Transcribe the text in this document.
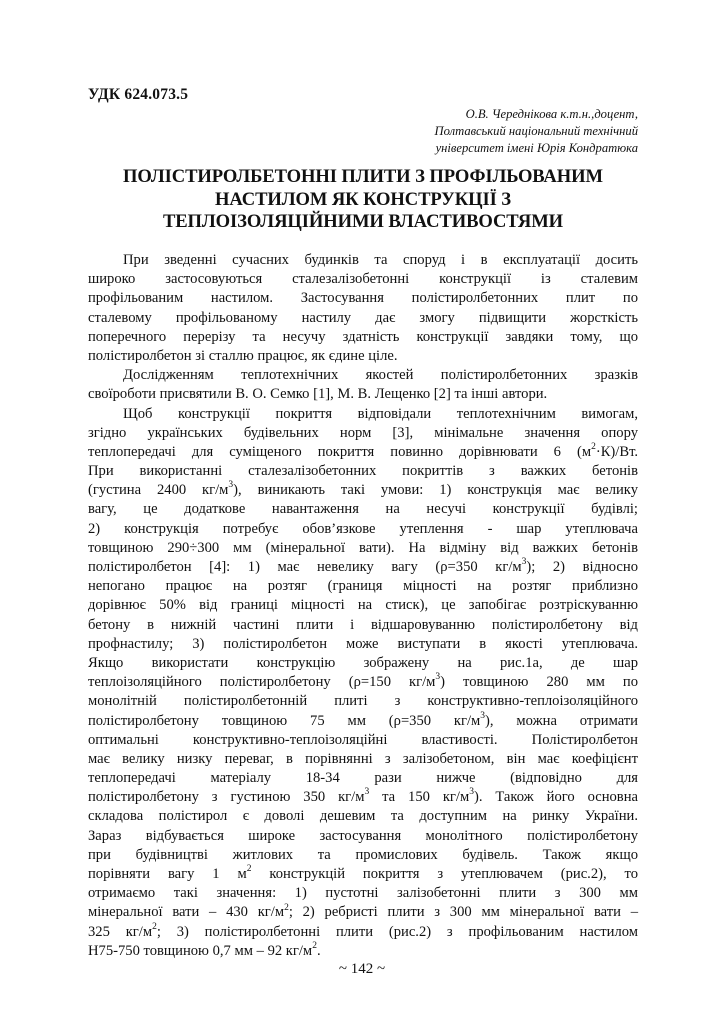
УДК 624.073.5
О.В. Череднікова к.т.н.,доцент,
Полтавський національний технічний
університет імені Юрія Кондратюка
ПОЛІСТИРОЛБЕТОННІ ПЛИТИ З ПРОФІЛЬОВАНИМ
НАСТИЛОМ ЯК КОНСТРУКЦІЇ З
ТЕПЛОІЗОЛЯЦІЙНИМИ ВЛАСТИВОСТЯМИ
При зведенні сучасних будинків та споруд і в експлуатації досить
широко застосовуються сталезалізобетонні конструкції із сталевим
профільованим настилом. Застосування полістиролбетонних плит по
сталевому профільованому настилу дає змогу підвищити жорсткість
поперечного перерізу та несучу здатність конструкції завдяки тому, що
полістиролбетон зі сталлю працює, як єдине ціле.
Дослідженням теплотехнічних якостей полістиролбетонних зразків
своїроботи присвятили В. О. Семко [1], М. В. Лещенко [2] та інші автори.
Щоб конструкції покриття відповідали теплотехнічним вимогам,
згідно українських будівельних норм [3], мінімальне значення опору
теплопередачі для суміщеного покриття повинно дорівнювати 6 $(м^2\cdot К)/Вт$.
При використанні сталезалізобетонних покриттів з важких бетонів
(густина 2400 $кг/м^3$), виникають такі умови: 1) конструкція має велику
вагу, це додаткове навантаження на несучі конструкції будівлі;
2) конструкція потребує обов’язкове утеплення - шар утеплювача
товщиною 290÷300 мм (мінеральної вати). На відміну від важких бетонів
полістиролбетон [4]: 1) має невелику вагу (ρ=350 $кг/м^3$); 2) відносно
непогано працює на розтяг (границя міцності на розтяг приблизно
дорівнює 50% від границі міцності на стиск), це запобігає розтріскуванню
бетону в нижній частині плити і відшаровуванню полістиролбетону від
профнастилу; 3) полістиролбетон може виступати в якості утеплювача.
Якщо використати конструкцію зображену на рис.1а, де шар
теплоізоляційного полістиролбетону (ρ=150 $кг/м^3$) товщиною 280 мм по
монолітній полістиролбетонній плиті з конструктивно-теплоізоляційного
полістиролбетону товщиною 75 мм (ρ=350 $кг/м^3$), можна отримати
оптимальні конструктивно-теплоізоляційні властивості. Полістиролбетон
має велику низку переваг, в порівнянні з залізобетоном, він має коефіцієнт
теплопередачі матеріалу 18-34 рази нижче (відповідно для
полістиролбетону з густиною 350 $кг/м^3$ та 150 $кг/м^3$). Також його основна
складова полістирол є доволі дешевим та доступним на ринку України.
Зараз відбувається широке застосування монолітного полістиролбетону
при будівництві житлових та промислових будівель. Також якщо
порівняти вагу 1 $м^2$ конструкцій покриття з утеплювачем (рис.2), то
отримаємо такі значення: 1) пустотні залізобетонні плити з 300 мм
мінеральної вати – 430 $кг/м^2$; 2) ребристі плити з 300 мм мінеральної вати –
325 $кг/м^2$; 3) полістиролбетонні плити (рис.2) з профільованим настилом
Н75-750 товщиною 0,7 мм – 92 $кг/м^2$.
~ 142 ~
